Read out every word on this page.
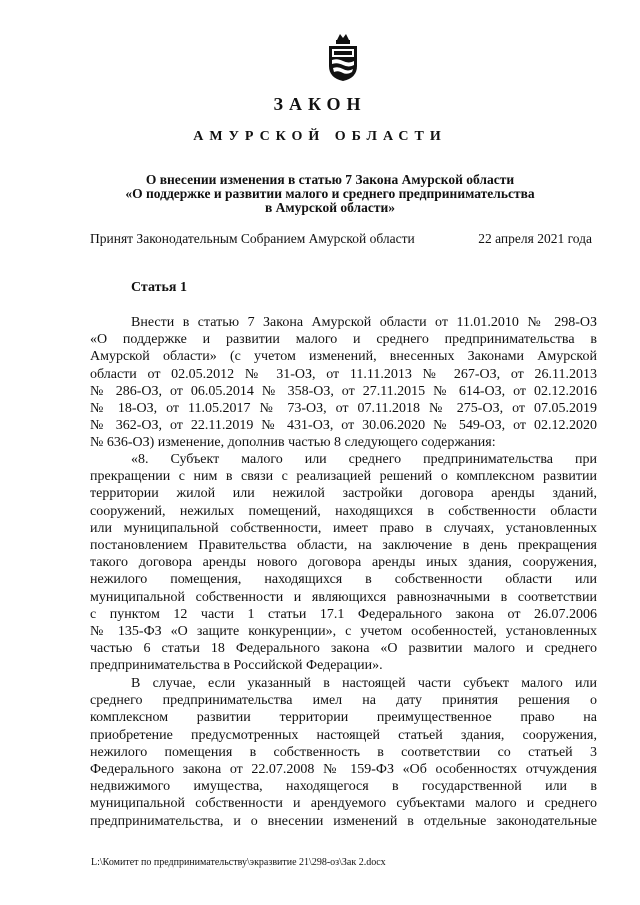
ЗАКОН
АМУРСКОЙ ОБЛАСТИ
О внесении изменения в статью 7 Закона Амурской области
«О поддержке и развитии малого и среднего предпринимательства
в Амурской области»
Принят Законодательным Собранием Амурской области	22 апреля 2021 года
Статья 1
Внести в статью 7 Закона Амурской области от 11.01.2010 № 298-ОЗ
«О поддержке и развитии малого и среднего предпринимательства в
Амурской области» (с учетом изменений, внесенных Законами Амурской
области от 02.05.2012 № 31-ОЗ, от 11.11.2013 № 267-ОЗ, от 26.11.2013
№ 286-ОЗ, от 06.05.2014 № 358-ОЗ, от 27.11.2015 № 614-ОЗ, от 02.12.2016
№ 18-ОЗ, от 11.05.2017 № 73-ОЗ, от 07.11.2018 № 275-ОЗ, от 07.05.2019
№ 362-ОЗ, от 22.11.2019 № 431-ОЗ, от 30.06.2020 № 549-ОЗ, от 02.12.2020
№ 636-ОЗ) изменение, дополнив частью 8 следующего содержания:
«8. Субъект малого или среднего предпринимательства при
прекращении с ним в связи с реализацией решений о комплексном развитии
территории жилой или нежилой застройки договора аренды зданий,
сооружений, нежилых помещений, находящихся в собственности области
или муниципальной собственности, имеет право в случаях, установленных
постановлением Правительства области, на заключение в день прекращения
такого договора аренды нового договора аренды иных здания, сооружения,
нежилого помещения, находящихся в собственности области или
муниципальной собственности и являющихся равнозначными в соответствии
с пунктом 12 части 1 статьи 17.1 Федерального закона от 26.07.2006
№ 135-ФЗ «О защите конкуренции», с учетом особенностей, установленных
частью 6 статьи 18 Федерального закона «О развитии малого и среднего
предпринимательства в Российской Федерации».
В случае, если указанный в настоящей части субъект малого или
среднего предпринимательства имел на дату принятия решения о
комплексном развитии территории преимущественное право на
приобретение предусмотренных настоящей статьей здания, сооружения,
нежилого помещения в собственность в соответствии со статьей 3
Федерального закона от 22.07.2008 № 159-ФЗ «Об особенностях отчуждения
недвижимого имущества, находящегося в государственной или в
муниципальной собственности и арендуемого субъектами малого и среднего
предпринимательства, и о внесении изменений в отдельные законодательные
L:\Комитет по предпринимательству\экразвитие 21\298-оз\Зак 2.docx
